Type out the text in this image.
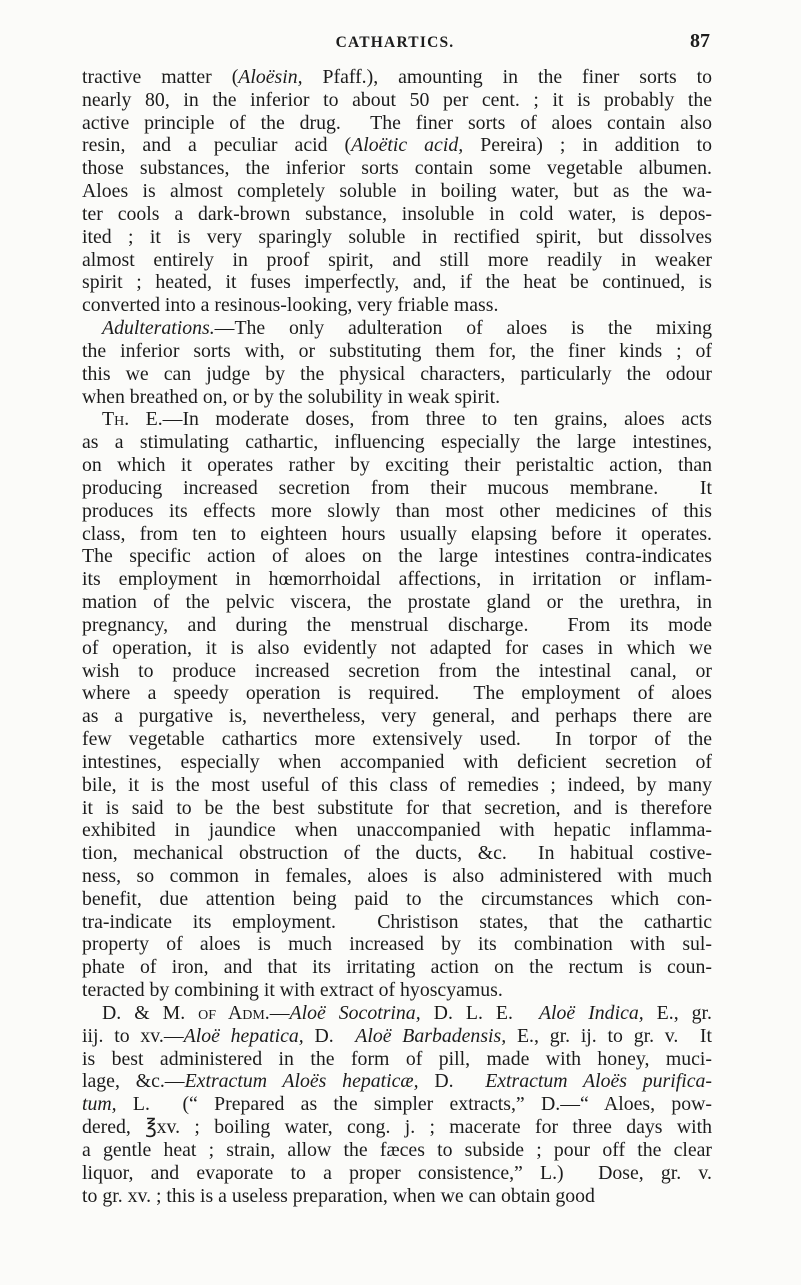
CATHARTICS.	87
tractive matter (Aloësin, Pfaff.), amounting in the finer sorts to
nearly 80, in the inferior to about 50 per cent. ; it is probably the
active principle of the drug.  The finer sorts of aloes contain also
resin, and a peculiar acid (Aloëtic acid, Pereira) ; in addition to
those substances, the inferior sorts contain some vegetable albumen.
Aloes is almost completely soluble in boiling water, but as the wa-
ter cools a dark-brown substance, insoluble in cold water, is depos-
ited ; it is very sparingly soluble in rectified spirit, but dissolves
almost entirely in proof spirit, and still more readily in weaker
spirit ; heated, it fuses imperfectly, and, if the heat be continued, is
converted into a resinous-looking, very friable mass.
Adulterations.—The only adulteration of aloes is the mixing
the inferior sorts with, or substituting them for, the finer kinds ; of
this we can judge by the physical characters, particularly the odour
when breathed on, or by the solubility in weak spirit.
Th. E.—In moderate doses, from three to ten grains, aloes acts
as a stimulating cathartic, influencing especially the large intestines,
on which it operates rather by exciting their peristaltic action, than
producing increased secretion from their mucous membrane.  It
produces its effects more slowly than most other medicines of this
class, from ten to eighteen hours usually elapsing before it operates.
The specific action of aloes on the large intestines contra-indicates
its employment in hœmorrhoidal affections, in irritation or inflam-
mation of the pelvic viscera, the prostate gland or the urethra, in
pregnancy, and during the menstrual discharge.  From its mode
of operation, it is also evidently not adapted for cases in which we
wish to produce increased secretion from the intestinal canal, or
where a speedy operation is required.  The employment of aloes
as a purgative is, nevertheless, very general, and perhaps there are
few vegetable cathartics more extensively used.  In torpor of the
intestines, especially when accompanied with deficient secretion of
bile, it is the most useful of this class of remedies ; indeed, by many
it is said to be the best substitute for that secretion, and is therefore
exhibited in jaundice when unaccompanied with hepatic inflamma-
tion, mechanical obstruction of the ducts, &c.  In habitual costive-
ness, so common in females, aloes is also administered with much
benefit, due attention being paid to the circumstances which con-
tra-indicate its employment.  Christison states, that the cathartic
property of aloes is much increased by its combination with sul-
phate of iron, and that its irritating action on the rectum is coun-
teracted by combining it with extract of hyoscyamus.
D. & M. of Adm.—Aloë Socotrina, D. L. E.  Aloë Indica, E., gr.
iij. to xv.—Aloë hepatica, D.  Aloë Barbadensis, E., gr. ij. to gr. v.  It
is best administered in the form of pill, made with honey, muci-
lage, &c.—Extractum Aloës hepaticæ, D.  Extractum Aloës purifica-
tum, L.  (“ Prepared as the simpler extracts,” D.—“ Aloes, pow-
dered, ℥xv. ; boiling water, cong. j. ; macerate for three days with
a gentle heat ; strain, allow the fæces to subside ; pour off the clear
liquor, and evaporate to a proper consistence,” L.)  Dose, gr. v.
to gr. xv. ; this is a useless preparation, when we can obtain good
